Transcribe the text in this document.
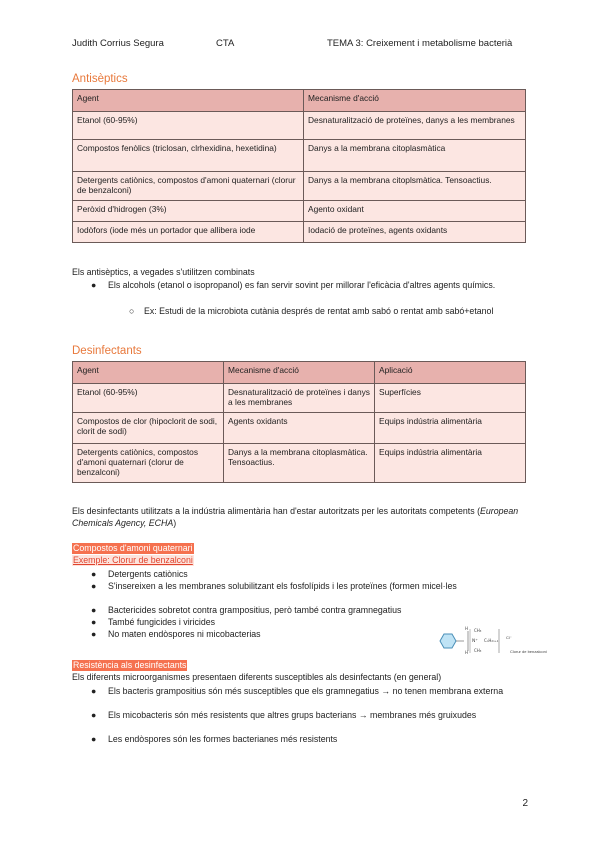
Judith Corrius Segura	CTA	TEMA 3: Creixement i metabolisme bacterià
Antisèptics
Agent	Mecanisme d'acció
Etanol (60-95%)	Desnaturalització de proteïnes, danys a les membranes
Compostos fenòlics (triclosan, clrhexidina, hexetidina)	Danys a la membrana citoplasmàtica
Detergents catiònics, compostos d'amoni quaternari (clorur de benzalconi)	Danys a la membrana citoplsmàtica. Tensoactius.
Peròxid d'hidrogen (3%)	Agento oxidant
Iodòfors (iode més un portador que allibera iode	Iodació de proteïnes, agents oxidants
Els antisèptics, a vegades s'utilitzen combinats
● Els alcohols (etanol o isopropanol) es fan servir sovint per millorar l'eficàcia d'altres agents químics.
○ Ex: Estudi de la microbiota cutània després de rentat amb sabó o rentat amb sabó+etanol
Desinfectants
Agent	Mecanisme d'acció	Aplicació
Etanol (60-95%)	Desnaturalització de proteïnes i danys a les membranes	Superfícies
Compostos de clor (hipoclorit de sodi, clorit de sodi)	Agents oxidants	Equips indústria alimentària
Detergents catiònics, compostos d'amoni quaternari (clorur de benzalconi)	Danys a la membrana citoplasmàtica. Tensoactius.	Equips indústria alimentària
Els desinfectants utilitzats a la indústria alimentària han d'estar autoritzats per les autoritats competents (European Chemicals Agency, ECHA)
Compostos d'amoni quaternari
Exemple: Clorur de benzalconi
● Detergents catiònics
● S'insereixen a les membranes solubilitzant els fosfolípids i les proteïnes (formen micel·les
● Bactericides sobretot contra grampositius, però també contra gramnegatius
● També fungicides i viricides
● No maten endòspores ni micobacterias
H
H
CH₃
N⁺
CH₃
CₙH₂ₙ₊₁
Cl⁻
Clorur de benzalconi
Resistència als desinfectants
Els diferents microorganismes presentaen diferents susceptibles als desinfectants (en general)
● Els bacteris grampositius són més susceptibles que els gramnegatius → no tenen membrana externa
● Els micobacteris són més resistents que altres grups bacterians → membranes més gruixudes
● Les endòspores són les formes bacterianes més resistents
2
